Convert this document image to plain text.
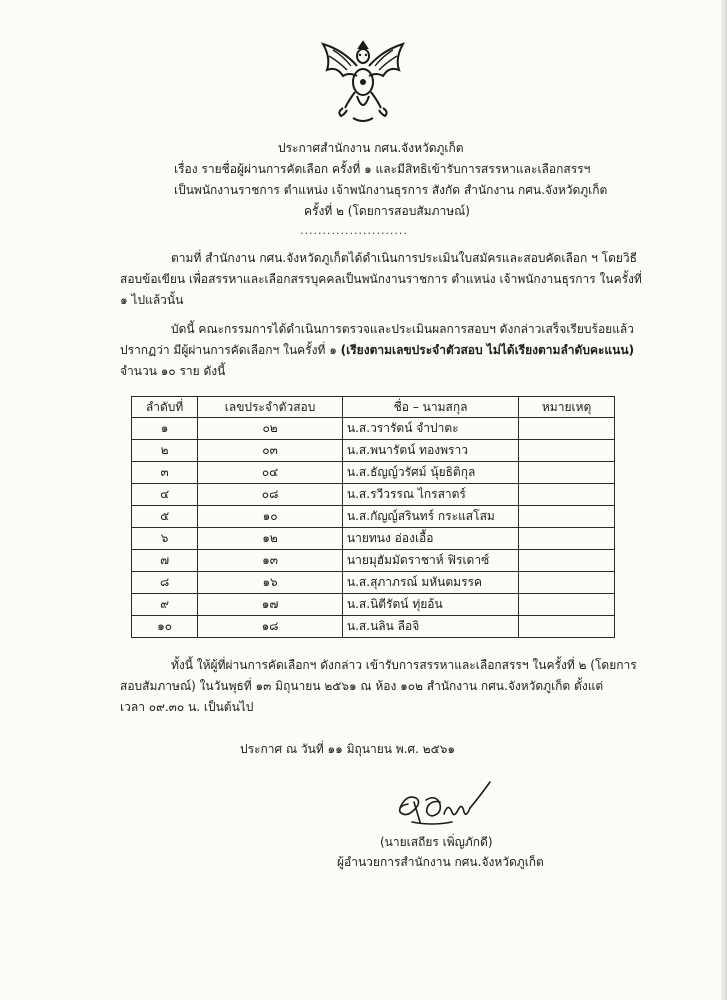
ประกาศสำนักงาน กศน.จังหวัดภูเก็ต
เรื่อง รายชื่อผู้ผ่านการคัดเลือก ครั้งที่ ๑ และมีสิทธิเข้ารับการสรรหาและเลือกสรรฯ
เป็นพนักงานราชการ ตำแหน่ง เจ้าพนักงานธุรการ สังกัด สำนักงาน กศน.จังหวัดภูเก็ต
ครั้งที่ ๒ (โดยการสอบสัมภาษณ์)
........................
ตามที่ สำนักงาน กศน.จังหวัดภูเก็ตได้ดำเนินการประเมินใบสมัครและสอบคัดเลือก ฯ โดยวิธี
สอบข้อเขียน เพื่อสรรหาและเลือกสรรบุคคลเป็นพนักงานราชการ ตำแหน่ง เจ้าพนักงานธุรการ ในครั้งที่
๑ ไปแล้วนั้น
บัดนี้ คณะกรรมการได้ดำเนินการตรวจและประเมินผลการสอบฯ ดังกล่าวเสร็จเรียบร้อยแล้ว
ปรากฏว่า มีผู้ผ่านการคัดเลือกฯ ในครั้งที่ ๑ (เรียงตามเลขประจำตัวสอบ ไม่ได้เรียงตามลำดับคะแนน)
จำนวน ๑๐ ราย ดังนี้
ลำดับที่	เลขประจำตัวสอบ	ชื่อ – นามสกุล	หมายเหตุ
๑	๐๒	น.ส.วรารัตน์ จำปาตะ	
๒	๐๓	น.ส.พนารัตน์ ทองพราว	
๓	๐๔	น.ส.ธัญญ์วรัศม์ นุ้ยธิติกุล	
๔	๐๘	น.ส.รวีวรรณ ไกรสาตร์	
๕	๑๐	น.ส.กัญญ์สรินทร์ กระแสโสม	
๖	๑๒	นายทนง อ่องเอื้อ	
๗	๑๓	นายมุฮัมมัดราชาห์ ฟิรเดาซ์	
๘	๑๖	น.ส.สุภาภรณ์ มหันตมรรค	
๙	๑๗	น.ส.นิตีรัตน์ ทุ่ยอ้น	
๑๐	๑๘	น.ส.นลิน ลือจิ	
ทั้งนี้ ให้ผู้ที่ผ่านการคัดเลือกฯ ดังกล่าว เข้ารับการสรรหาและเลือกสรรฯ ในครั้งที่ ๒ (โดยการ
สอบสัมภาษณ์) ในวันพุธที่ ๑๓ มิถุนายน ๒๕๖๑ ณ ห้อง ๑๐๒ สำนักงาน กศน.จังหวัดภูเก็ต ตั้งแต่
เวลา ๐๙.๓๐ น. เป็นต้นไป
ประกาศ ณ วันที่ ๑๑ มิถุนายน พ.ศ. ๒๕๖๑
(นายเสถียร เพิ่ญภักดี)
ผู้อำนวยการสำนักงาน กศน.จังหวัดภูเก็ต
